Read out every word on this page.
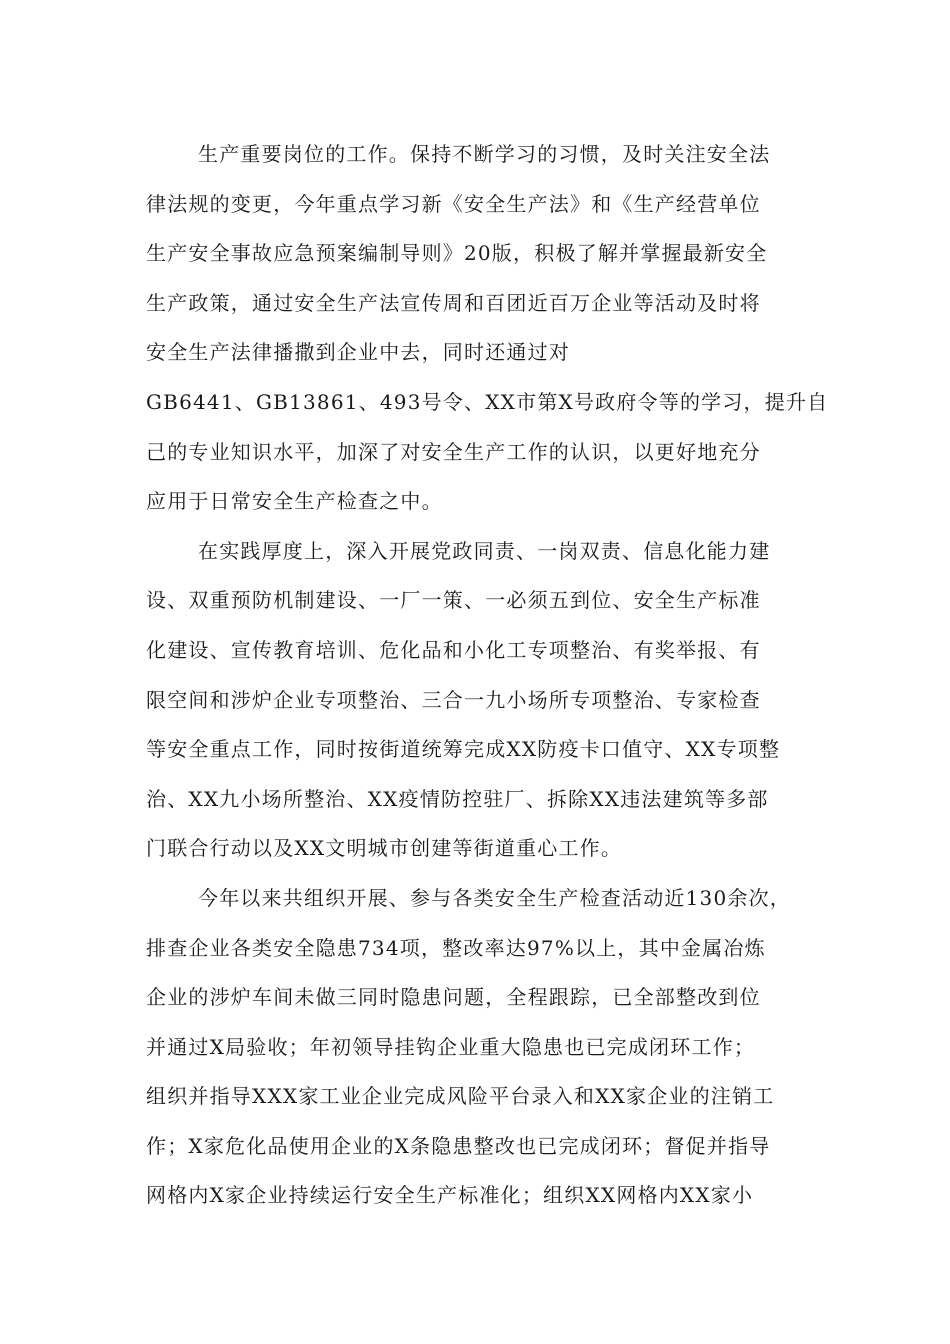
生产重要岗位的工作。保持不断学习的习惯，及时关注安全法
律法规的变更，今年重点学习新《安全生产法》和《生产经营单位
生产安全事故应急预案编制导则》20版，积极了解并掌握最新安全
生产政策，通过安全生产法宣传周和百团近百万企业等活动及时将
安全生产法律播撒到企业中去，同时还通过对
GB6441、GB13861、493号令、XX市第X号政府令等的学习，提升自
己的专业知识水平，加深了对安全生产工作的认识，以更好地充分
应用于日常安全生产检查之中。

在实践厚度上，深入开展党政同责、一岗双责、信息化能力建
设、双重预防机制建设、一厂一策、一必须五到位、安全生产标准
化建设、宣传教育培训、危化品和小化工专项整治、有奖举报、有
限空间和涉炉企业专项整治、三合一九小场所专项整治、专家检查
等安全重点工作，同时按街道统筹完成XX防疫卡口值守、XX专项整
治、XX九小场所整治、XX疫情防控驻厂、拆除XX违法建筑等多部
门联合行动以及XX文明城市创建等街道重心工作。

今年以来共组织开展、参与各类安全生产检查活动近130余次，
排查企业各类安全隐患734项，整改率达97%以上，其中金属冶炼
企业的涉炉车间未做三同时隐患问题，全程跟踪，已全部整改到位
并通过X局验收；年初领导挂钩企业重大隐患也已完成闭环工作；
组织并指导XXX家工业企业完成风险平台录入和XX家企业的注销工
作；X家危化品使用企业的X条隐患整改也已完成闭环；督促并指导
网格内X家企业持续运行安全生产标准化；组织XX网格内XX家小
